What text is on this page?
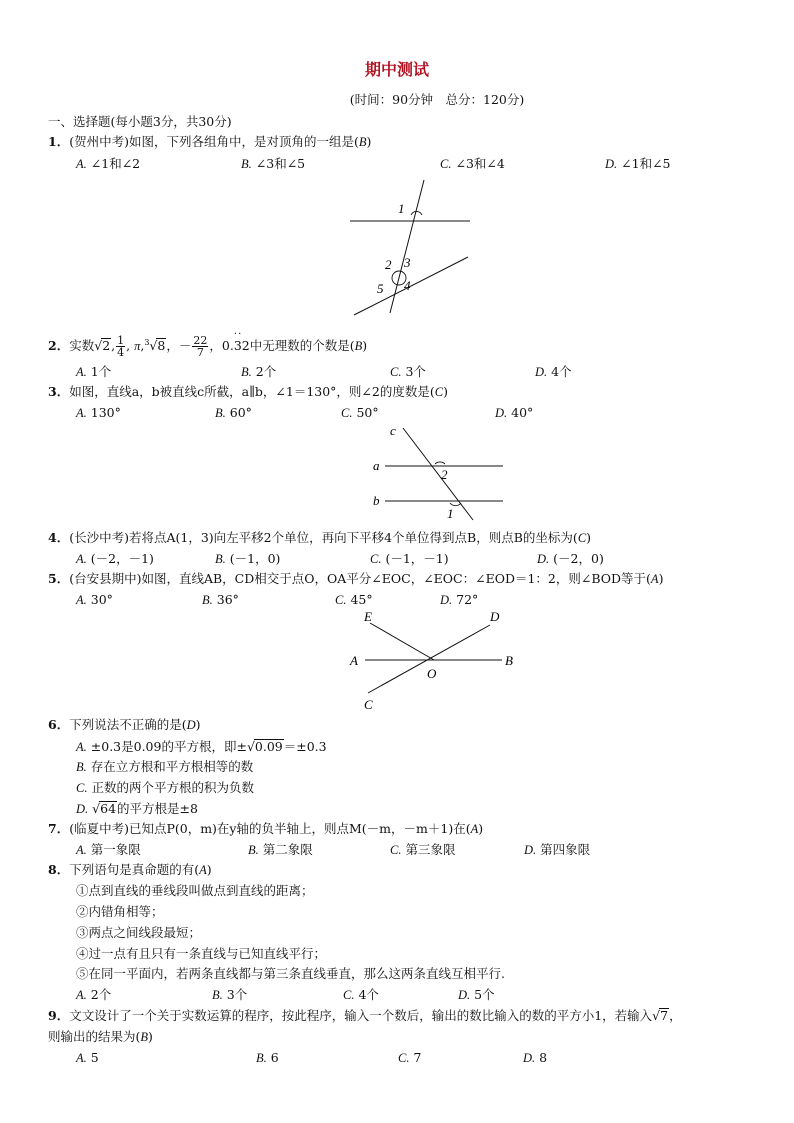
期中测试
(时间：90分钟　总分：120分)
一、选择题(每小题3分，共30分)
1．(贺州中考)如图，下列各组角中，是对顶角的一组是(B)
A. ∠1和∠2	B. ∠3和∠5	C. ∠3和∠4	D. ∠1和∠5
1
2 3
4
5
2．实数√2, $\frac{1}{4}$ , π,$^3$√8，－ $\frac{22}{7}$ ，0.· · 32中无理数的个数是(B)
A. 1个	B. 2个	C. 3个	D. 4个
3．如图，直线a，b被直线c所截，a∥b，∠1＝130°，则∠2的度数是(C)
A. 130°	B. 60°	C. 50°	D. 40°
c
a
b
2
1
4．(长沙中考)若将点A(1，3)向左平移2个单位，再向下平移4个单位得到点B，则点B的坐标为(C)
A. (－2，－1)	B. (－1，0)	C. (－1，－1)	D. (－2，0)
5．(台安县期中)如图，直线AB，CD相交于点O，OA平分∠EOC，∠EOC：∠EOD＝1：2，则∠BOD等于(A)
A. 30°	B. 36°	C. 45°	D. 72°
E	D
A	B
O
C
6．下列说法不正确的是(D)
A. ±0.3是0.09的平方根，即±√0.09＝±0.3
B. 存在立方根和平方根相等的数
C. 正数的两个平方根的积为负数
D. √64的平方根是±8
7．(临夏中考)已知点P(0，m)在y轴的负半轴上，则点M(－m，－m＋1)在(A)
A. 第一象限	B. 第二象限	C. 第三象限	D. 第四象限
8．下列语句是真命题的有(A)
①点到直线的垂线段叫做点到直线的距离；
②内错角相等；
③两点之间线段最短；
④过一点有且只有一条直线与已知直线平行；
⑤在同一平面内，若两条直线都与第三条直线垂直，那么这两条直线互相平行.
A. 2个	B. 3个	C. 4个	D. 5个
9．文文设计了一个关于实数运算的程序，按此程序，输入一个数后，输出的数比输入的数的平方小1，若输入√7，
则输出的结果为(B)
A. 5	B. 6	C. 7	D. 8
